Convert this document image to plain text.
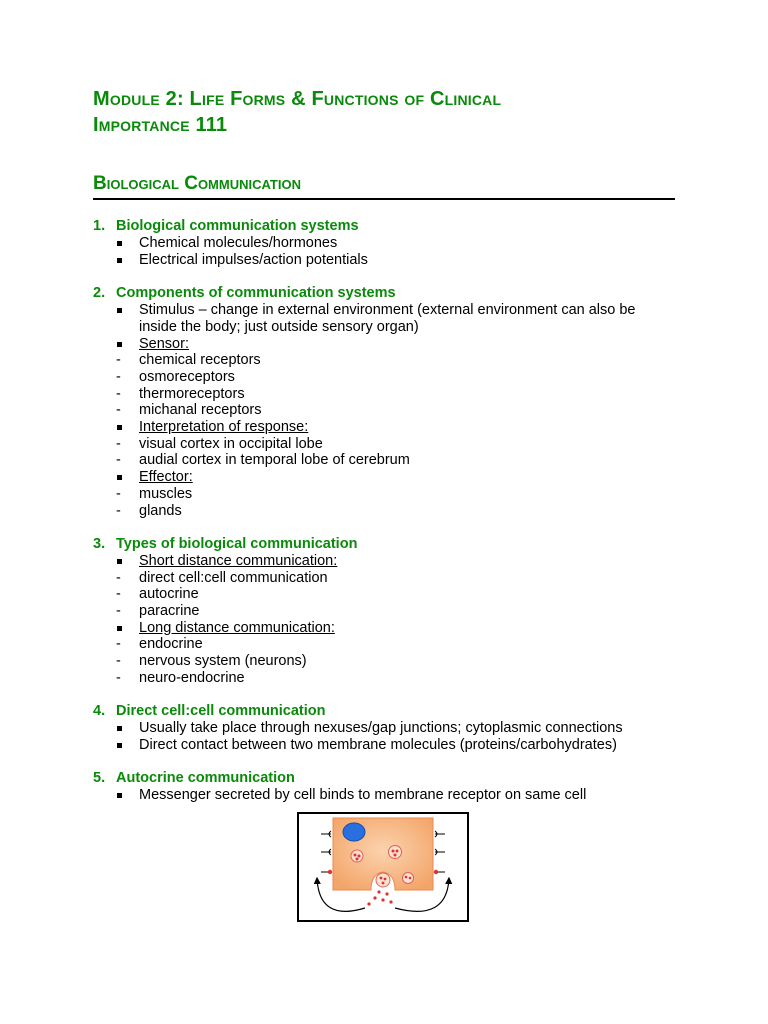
Module 2: Life Forms & Functions of Clinical
Importance 111
Biological Communication
1. Biological communication systems
Chemical molecules/hormones
Electrical impulses/action potentials
2. Components of communication systems
Stimulus – change in external environment (external environment can also be inside the body; just outside sensory organ)
Sensor:
-	chemical receptors
-	osmoreceptors
-	thermoreceptors
-	michanal receptors
Interpretation of response:
-	visual cortex in occipital lobe
-	audial cortex in temporal lobe of cerebrum
Effector:
-	muscles
-	glands
3. Types of biological communication
Short distance communication:
-	direct cell:cell communication
-	autocrine
-	paracrine
Long distance communication:
-	endocrine
-	nervous system (neurons)
-	neuro-endocrine
4. Direct cell:cell communication
Usually take place through nexuses/gap junctions; cytoplasmic connections
Direct contact between two membrane molecules (proteins/carbohydrates)
5. Autocrine communication
Messenger secreted by cell binds to membrane receptor on same cell
